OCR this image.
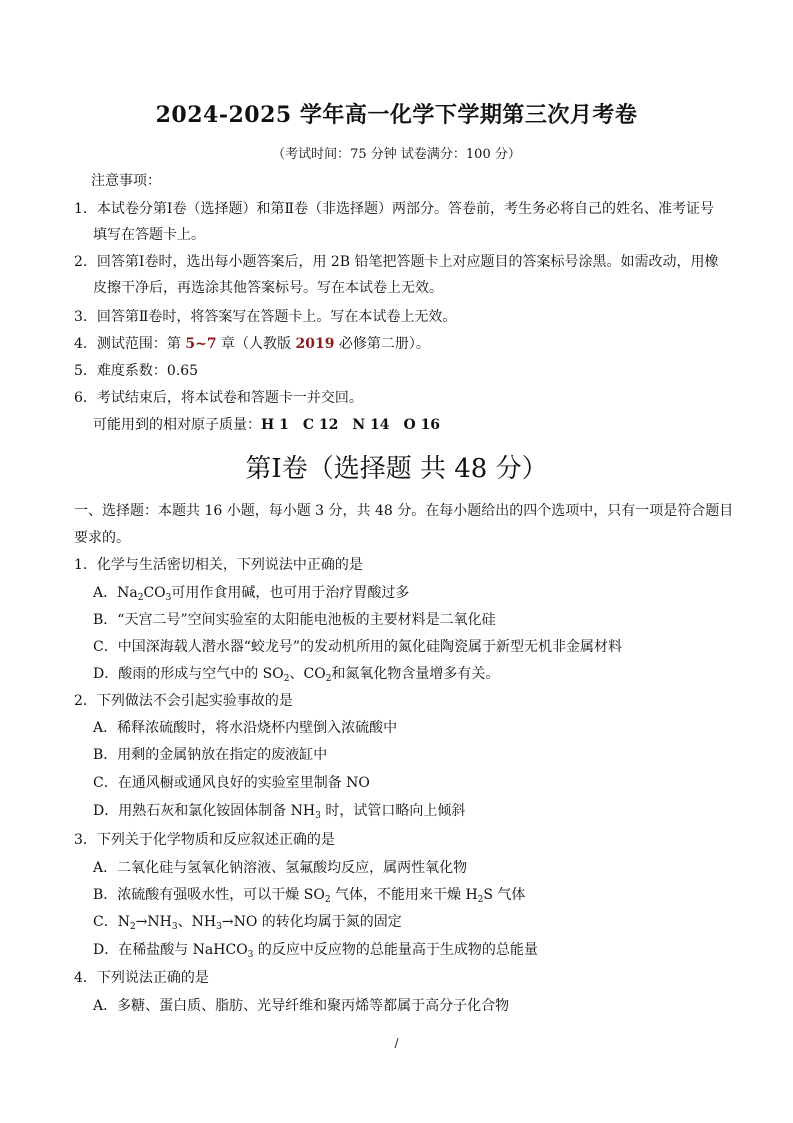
2024-2025 学年高一化学下学期第三次月考卷
（考试时间：75 分钟 试卷满分：100 分）
注意事项：
1．本试卷分第Ⅰ卷（选择题）和第Ⅱ卷（非选择题）两部分。答卷前，考生务必将自己的姓名、准考证号
填写在答题卡上。
2．回答第Ⅰ卷时，选出每小题答案后，用 2B 铅笔把答题卡上对应题目的答案标号涂黑。如需改动，用橡
皮擦干净后，再选涂其他答案标号。写在本试卷上无效。
3．回答第Ⅱ卷时，将答案写在答题卡上。写在本试卷上无效。
4．测试范围：第 5~7 章（人教版 2019 必修第二册）。
5．难度系数：0.65
6．考试结束后，将本试卷和答题卡一并交回。
可能用到的相对原子质量：H 1　C 12　N 14　O 16
第Ⅰ卷（选择题 共 48 分）
一、选择题：本题共 16 小题，每小题 3 分，共 48 分。在每小题给出的四个选项中，只有一项是符合题目
要求的。
1．化学与生活密切相关，下列说法中正确的是
A．$Na_2CO_3$可用作食用碱，也可用于治疗胃酸过多
B．“天宫二号”空间实验室的太阳能电池板的主要材料是二氧化硅
C．中国深海载人潜水器“蛟龙号”的发动机所用的氮化硅陶瓷属于新型无机非金属材料
D．酸雨的形成与空气中的 $SO_2$、$CO_2$和氮氧化物含量增多有关。
2．下列做法不会引起实验事故的是
A．稀释浓硫酸时，将水沿烧杯内壁倒入浓硫酸中
B．用剩的金属钠放在指定的废液缸中
C．在通风橱或通风良好的实验室里制备 NO
D．用熟石灰和氯化铵固体制备 $NH_3$ 时，试管口略向上倾斜
3．下列关于化学物质和反应叙述正确的是
A．二氧化硅与氢氧化钠溶液、氢氟酸均反应，属两性氧化物
B．浓硫酸有强吸水性，可以干燥 $SO_2$ 气体，不能用来干燥 $H_2S$ 气体
C．$N_2\to NH_3$、$NH_3\to NO$ 的转化均属于氮的固定
D．在稀盐酸与 NaHCO$_3$ 的反应中反应物的总能量高于生成物的总能量
4．下列说法正确的是
A．多糖、蛋白质、脂肪、光导纤维和聚丙烯等都属于高分子化合物
/
